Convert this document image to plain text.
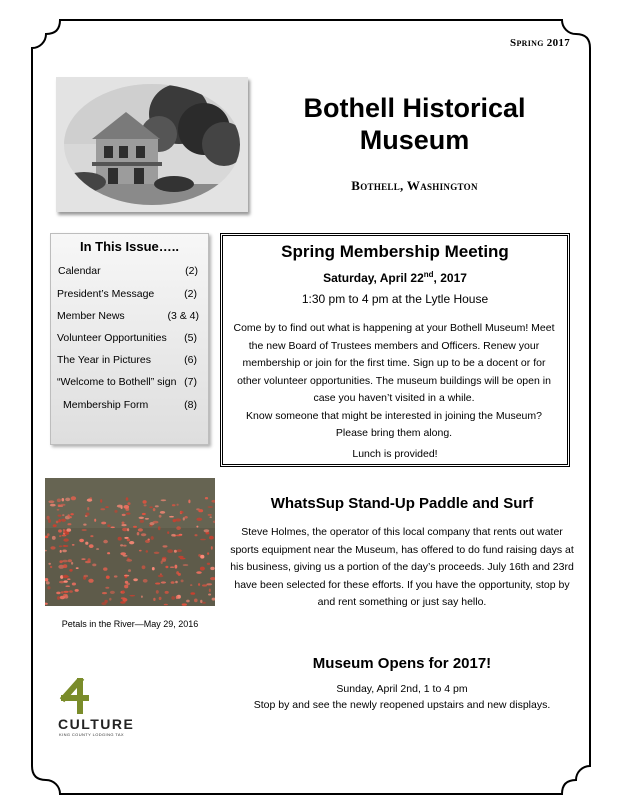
Spring 2017
Bothell Historical
Museum
Bothell, Washington
In This Issue…..
Calendar	(2)
President’s Message	(2)
Member News	(3 & 4)
Volunteer Opportunities (5)
The Year in Pictures	(6)
“Welcome to Bothell” sign (7)
Membership Form	(8)
Spring Membership Meeting
Saturday, April 22nd, 2017
1:30 pm to 4 pm at the Lytle House
Come by to find out what is happening at your Bothell Museum! Meet the new Board of Trustees members and Officers. Renew your membership or join for the first time. Sign up to be a docent or for other volunteer opportunities. The museum buildings will be open in case you haven’t visited in a while.
Know someone that might be interested in joining the Museum? Please bring them along.
Lunch is provided!
Petals in the River—May 29, 2016
WhatsSup Stand-Up Paddle and Surf
Steve Holmes, the operator of this local company that rents out water sports equipment near the Museum, has offered to do fund raising days at his business, giving us a portion of the day’s proceeds. July 16th and 23rd have been selected for these efforts. If you have the opportunity, stop by and rent something or just say hello.
Museum Opens for 2017!
Sunday, April 2nd, 1 to 4 pm
Stop by and see the newly reopened upstairs and new displays.
CULTURE
KING COUNTY LODGING TAX
